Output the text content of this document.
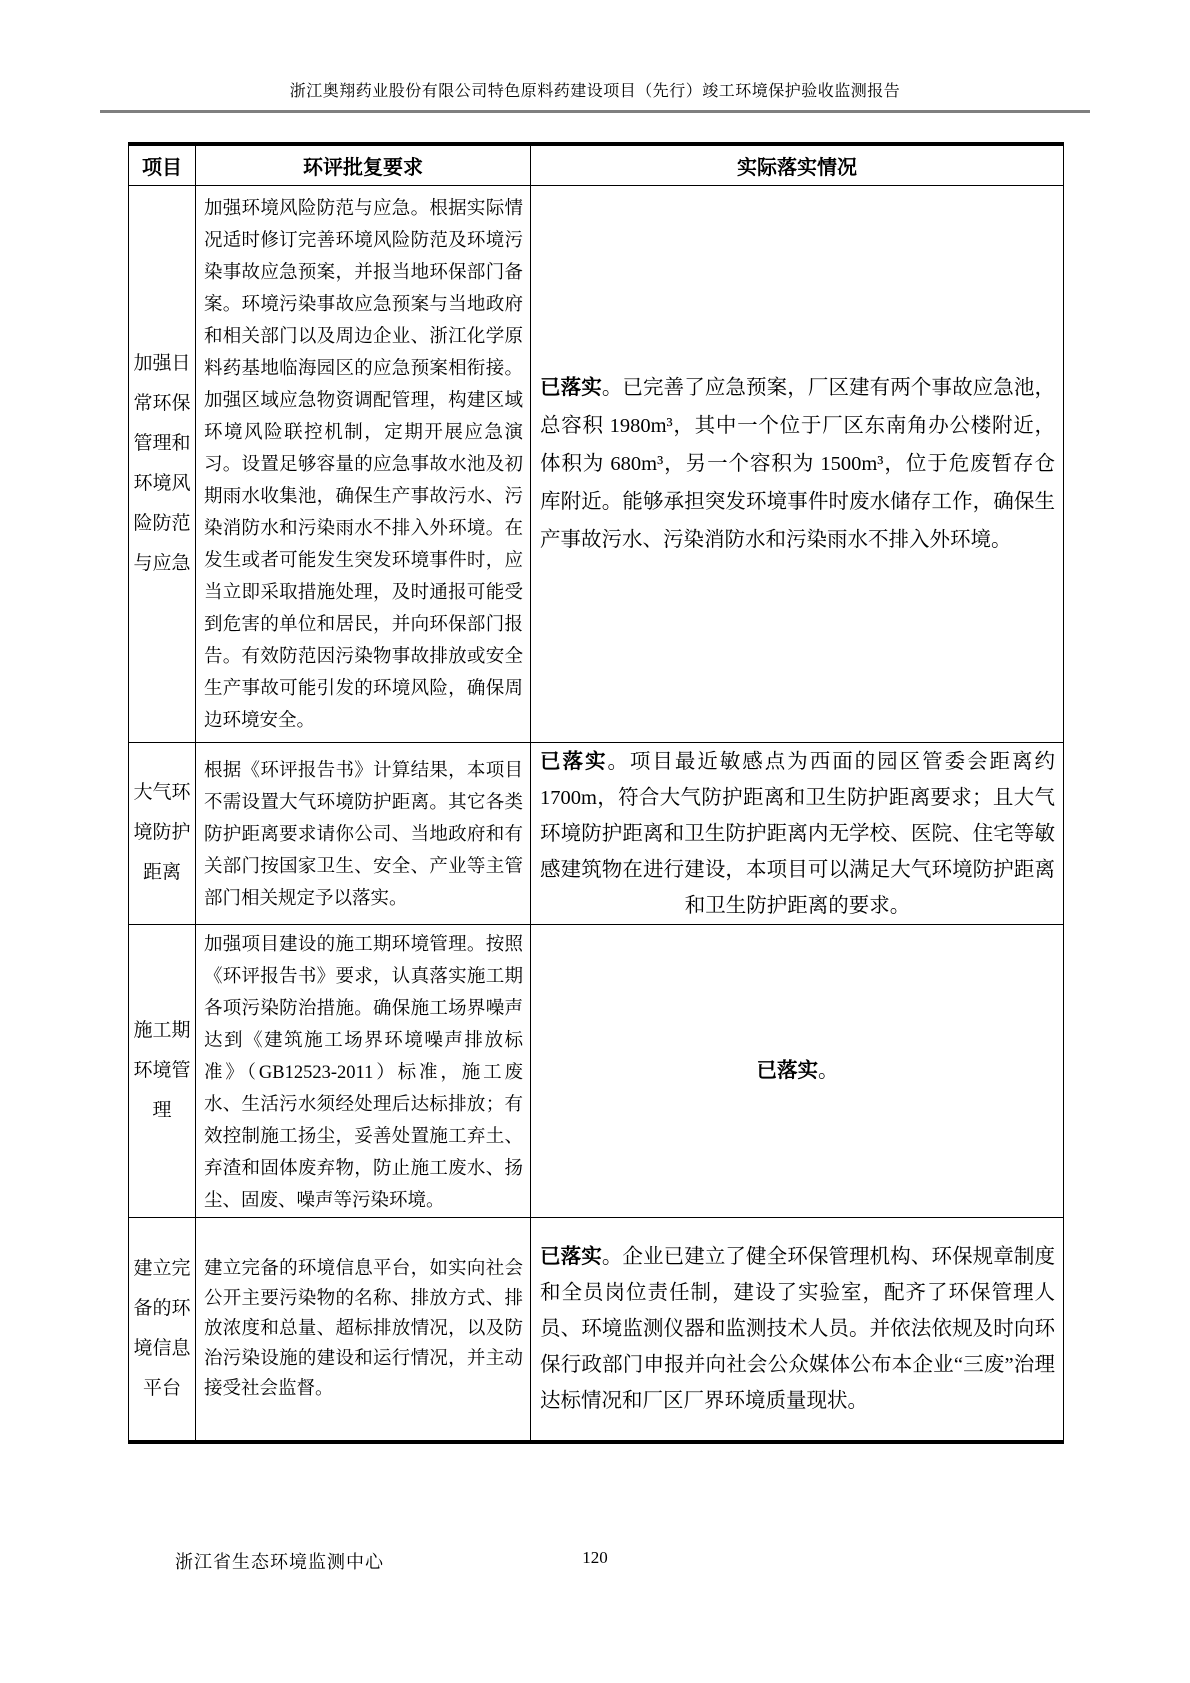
浙江奥翔药业股份有限公司特色原料药建设项目（先行）竣工环境保护验收监测报告
项目	环评批复要求	实际落实情况
加强日常环保管理和环境风险防范与应急	加强环境风险防范与应急。根据实际情况适时修订完善环境风险防范及环境污染事故应急预案，并报当地环保部门备案。环境污染事故应急预案与当地政府和相关部门以及周边企业、浙江化学原料药基地临海园区的应急预案相衔接。加强区域应急物资调配管理，构建区域环境风险联控机制，定期开展应急演习。设置足够容量的应急事故水池及初期雨水收集池，确保生产事故污水、污染消防水和污染雨水不排入外环境。在发生或者可能发生突发环境事件时，应当立即采取措施处理，及时通报可能受到危害的单位和居民，并向环保部门报告。有效防范因污染物事故排放或安全生产事故可能引发的环境风险，确保周边环境安全。	已落实。已完善了应急预案，厂区建有两个事故应急池，总容积 1980m³，其中一个位于厂区东南角办公楼附近，体积为 680m³，另一个容积为 1500m³，位于危废暂存仓库附近。能够承担突发环境事件时废水储存工作，确保生产事故污水、污染消防水和污染雨水不排入外环境。
大气环境防护距离	根据《环评报告书》计算结果，本项目不需设置大气环境防护距离。其它各类防护距离要求请你公司、当地政府和有关部门按国家卫生、安全、产业等主管部门相关规定予以落实。	已落实。项目最近敏感点为西面的园区管委会距离约 1700m，符合大气防护距离和卫生防护距离要求；且大气环境防护距离和卫生防护距离内无学校、医院、住宅等敏感建筑物在进行建设，本项目可以满足大气环境防护距离和卫生防护距离的要求。
施工期环境管理	加强项目建设的施工期环境管理。按照《环评报告书》要求，认真落实施工期各项污染防治措施。确保施工场界噪声达到《建筑施工场界环境噪声排放标准》（GB12523-2011）标准，施工废水、生活污水须经处理后达标排放；有效控制施工扬尘，妥善处置施工弃土、弃渣和固体废弃物，防止施工废水、扬尘、固废、噪声等污染环境。	已落实。
建立完备的环境信息平台	建立完备的环境信息平台，如实向社会公开主要污染物的名称、排放方式、排放浓度和总量、超标排放情况，以及防治污染设施的建设和运行情况，并主动接受社会监督。	已落实。企业已建立了健全环保管理机构、环保规章制度和全员岗位责任制，建设了实验室，配齐了环保管理人员、环境监测仪器和监测技术人员。并依法依规及时向环保行政部门申报并向社会公众媒体公布本企业“三废”治理达标情况和厂区厂界环境质量现状。
浙江省生态环境监测中心	120
